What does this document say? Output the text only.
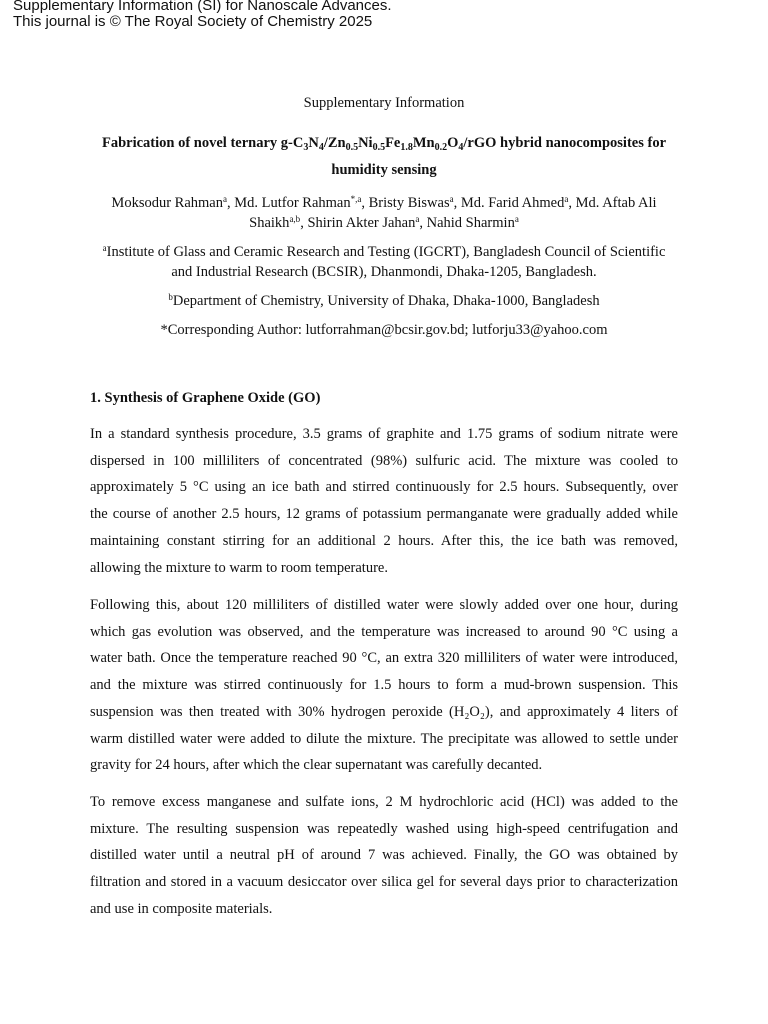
Supplementary Information (SI) for Nanoscale Advances.
This journal is © The Royal Society of Chemistry 2025
Supplementary Information
Fabrication of novel ternary $g-C_3N_4/Zn_{0.5}Ni_{0.5}Fe_{1.8}Mn_{0.2}O_4$/rGO hybrid nanocomposites for
humidity sensing
Moksodur Rahman$^a$, Md. Lutfor Rahman$^{*,a}$, Bristy Biswas$^a$, Md. Farid Ahmed$^a$, Md. Aftab Ali
Shaikh$^{a,b}$, Shirin Akter Jahan$^a$, Nahid Sharmin$^a$
$^a$Institute of Glass and Ceramic Research and Testing (IGCRT), Bangladesh Council of Scientific
and Industrial Research (BCSIR), Dhanmondi, Dhaka-1205, Bangladesh.
$^b$Department of Chemistry, University of Dhaka, Dhaka-1000, Bangladesh
*Corresponding Author: lutforrahman@bcsir.gov.bd; lutforju33@yahoo.com
1. Synthesis of Graphene Oxide (GO)
In a standard synthesis procedure, 3.5 grams of graphite and 1.75 grams of sodium nitrate were
dispersed in 100 milliliters of concentrated (98%) sulfuric acid. The mixture was cooled to
approximately 5 °C using an ice bath and stirred continuously for 2.5 hours. Subsequently, over
the course of another 2.5 hours, 12 grams of potassium permanganate were gradually added while
maintaining constant stirring for an additional 2 hours. After this, the ice bath was removed,
allowing the mixture to warm to room temperature.
Following this, about 120 milliliters of distilled water were slowly added over one hour, during
which gas evolution was observed, and the temperature was increased to around 90 °C using a
water bath. Once the temperature reached 90 °C, an extra 320 milliliters of water were introduced,
and the mixture was stirred continuously for 1.5 hours to form a mud-brown suspension. This
suspension was then treated with 30% hydrogen peroxide (H₂O₂), and approximately 4 liters of
warm distilled water were added to dilute the mixture. The precipitate was allowed to settle under
gravity for 24 hours, after which the clear supernatant was carefully decanted.
To remove excess manganese and sulfate ions, 2 M hydrochloric acid (HCl) was added to the
mixture. The resulting suspension was repeatedly washed using high-speed centrifugation and
distilled water until a neutral pH of around 7 was achieved. Finally, the GO was obtained by
filtration and stored in a vacuum desiccator over silica gel for several days prior to characterization
and use in composite materials.
